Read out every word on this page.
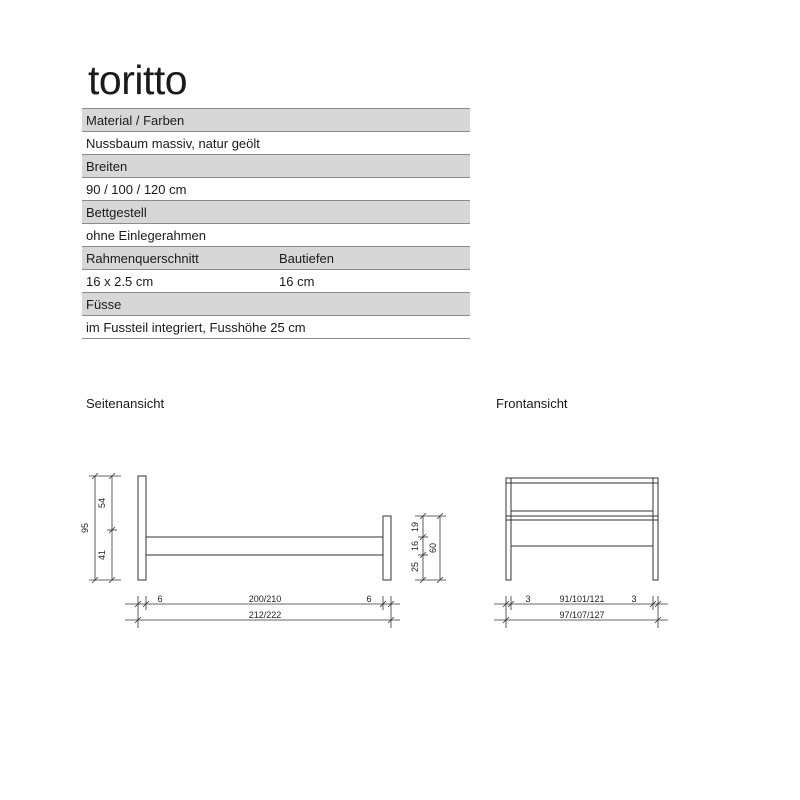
toritto
Material / Farben
Nussbaum massiv, natur geölt
Breiten
90 / 100 / 120 cm
Bettgestell
ohne Einlegerahmen
Rahmenquerschnitt	Bautiefen
16 x 2.5 cm	16 cm
Füsse
im Fussteil integriert, Fusshöhe 25 cm
Seitenansicht	Frontansicht
95
54
41
6	200/210	6
212/222
25
16
19
60
3	91/101/121	3
97/107/127
